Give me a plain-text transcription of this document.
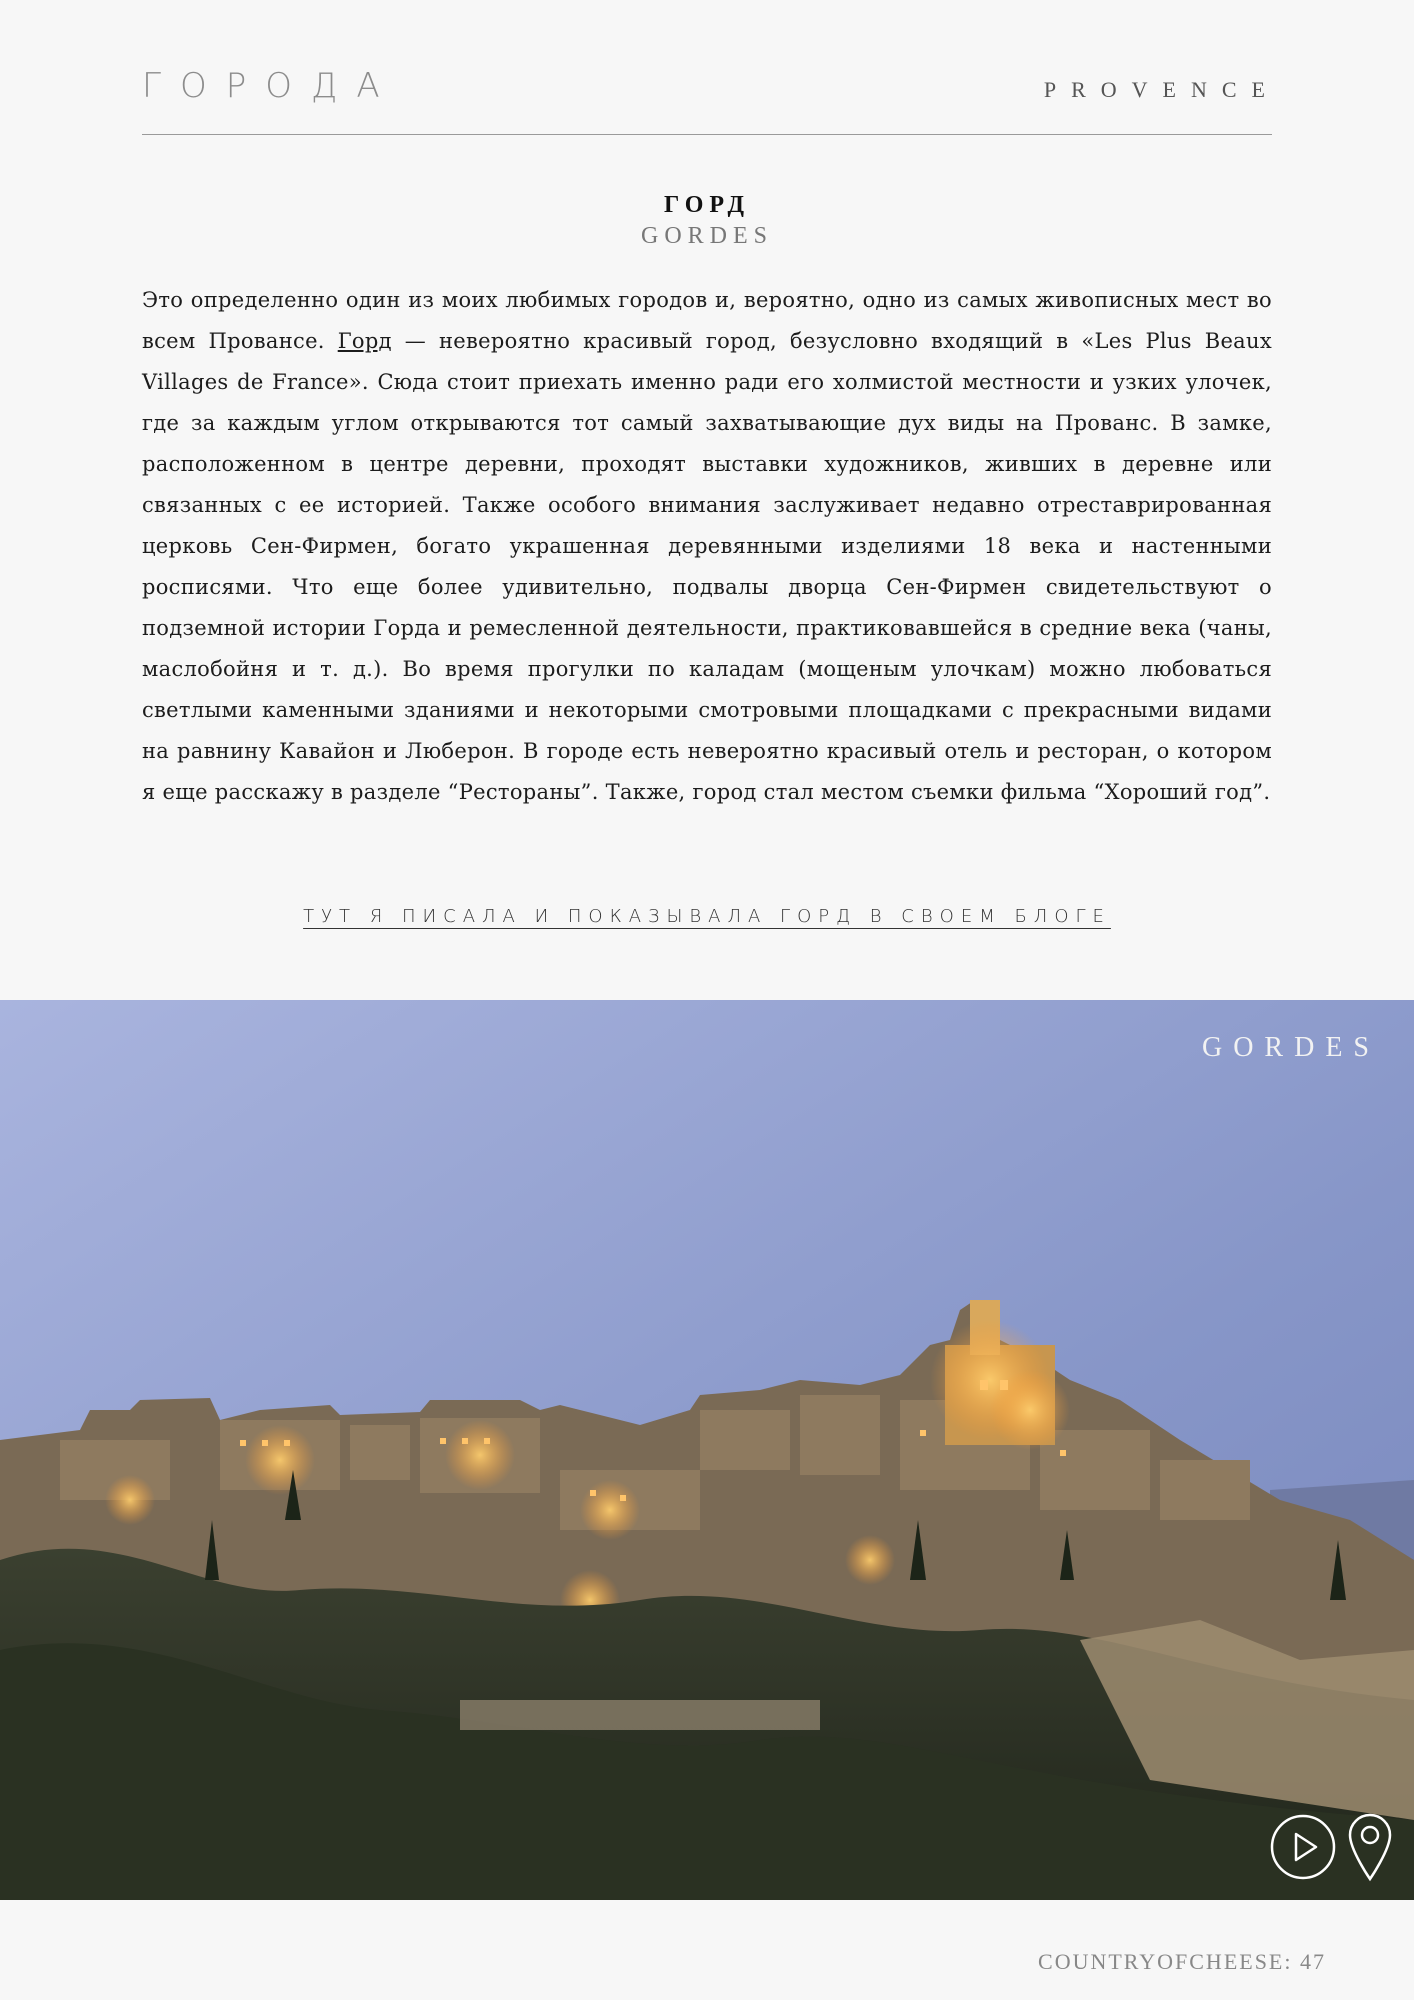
ГОРОДА	PROVENCE
ГОРД
GORDES

Это определенно один из моих любимых городов и, вероятно, одно из самых живописных мест во всем Провансе. Горд — невероятно красивый город, безусловно входящий в «Les Plus Beaux Villages de France». Сюда стоит приехать именно ради его холмистой местности и узких улочек, где за каждым углом открываются тот самый захватывающие дух виды на Прованс. В замке, расположенном в центре деревни, проходят выставки художников, живших в деревне или связанных с ее историей. Также особого внимания заслуживает недавно отреставрированная церковь Сен-Фирмен, богато украшенная деревянными изделиями 18 века и настенными росписями. Что еще более удивительно, подвалы дворца Сен-Фирмен свидетельствуют о подземной истории Горда и ремесленной деятельности, практиковавшейся в средние века (чаны, маслобойня и т. д.). Во время прогулки по каладам (мощеным улочкам) можно любоваться светлыми каменными зданиями и некоторыми смотровыми площадками с прекрасными видами на равнину Кавайон и Люберон. В городе есть невероятно красивый отель и ресторан, о котором я еще расскажу в разделе “Рестораны”. Также, город стал местом съемки фильма “Хороший год”.

ТУТ Я ПИСАЛА И ПОКАЗЫВАЛА ГОРД В СВОЕМ БЛОГЕ
GORDES
COUNTRYOFCHEESE: 47
